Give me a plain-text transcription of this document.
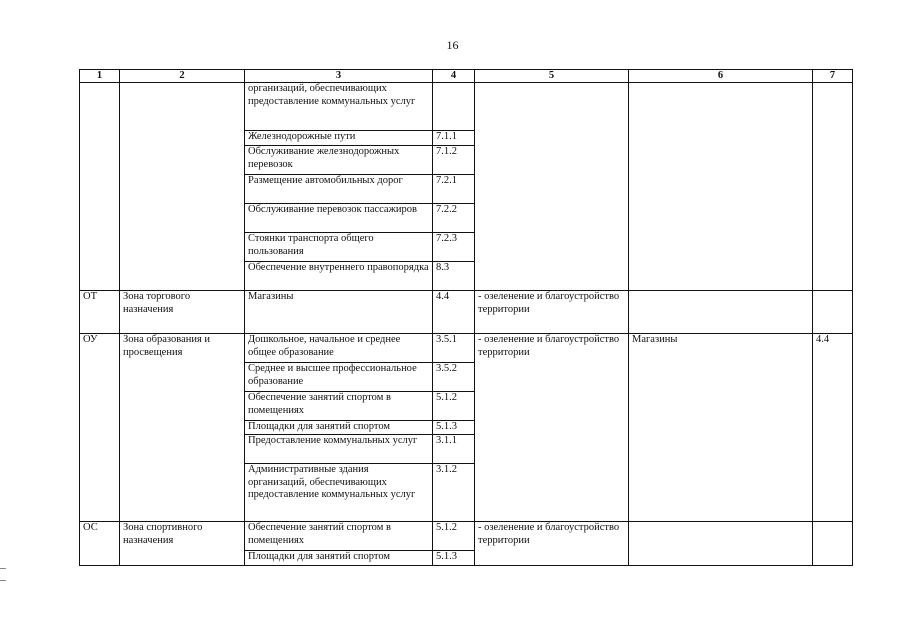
16
1	2	3	4	5	6	7
		организаций, обеспечивающих предоставление коммунальных услуг				
		Железнодорожные пути	7.1.1			
		Обслуживание железнодорожных перевозок	7.1.2			
		Размещение автомобильных дорог	7.2.1			
		Обслуживание перевозок пассажиров	7.2.2			
		Стоянки транспорта общего пользования	7.2.3			
		Обеспечение внутреннего правопорядка	8.3			
ОТ	Зона торгового назначения	Магазины	4.4	- озеленение и благоустройство территории		
ОУ	Зона образования и просвещения	Дошкольное, начальное и среднее общее образование	3.5.1	- озеленение и благоустройство территории	Магазины	4.4
		Среднее и высшее профессиональное образование	3.5.2			
		Обеспечение занятий спортом в помещениях	5.1.2			
		Площадки для занятий спортом	5.1.3			
		Предоставление коммунальных услуг	3.1.1			
		Административные здания организаций, обеспечивающих предоставление коммунальных услуг	3.1.2			
ОС	Зона спортивного назначения	Обеспечение занятий спортом в помещениях	5.1.2	- озеленение и благоустройство территории		
		Площадки для занятий спортом	5.1.3			
